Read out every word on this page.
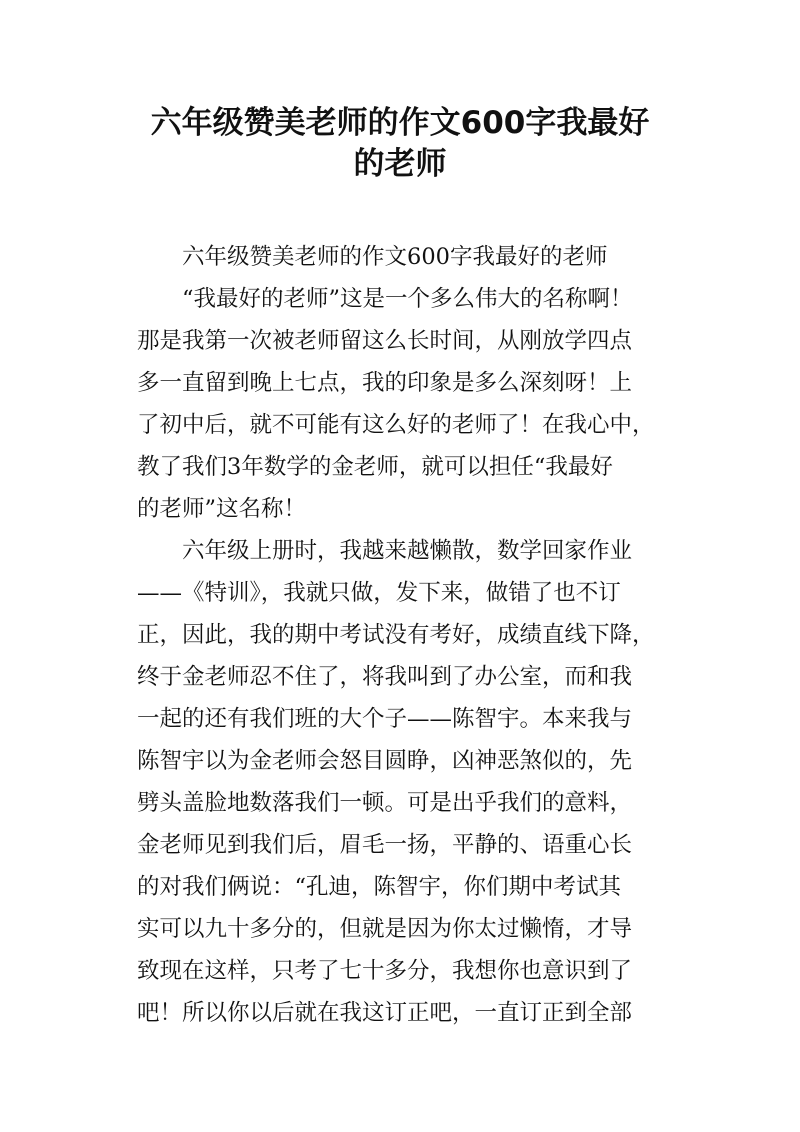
六年级赞美老师的作文600字我最好
的老师
六年级赞美老师的作文600字我最好的老师
“我最好的老师”这是一个多么伟大的名称啊！
那是我第一次被老师留这么长时间，从刚放学四点
多一直留到晚上七点，我的印象是多么深刻呀！上
了初中后，就不可能有这么好的老师了！在我心中，
教了我们3年数学的金老师，就可以担任“我最好
的老师”这名称！
六年级上册时，我越来越懒散，数学回家作业
——《特训》，我就只做，发下来，做错了也不订
正，因此，我的期中考试没有考好，成绩直线下降，
终于金老师忍不住了，将我叫到了办公室，而和我
一起的还有我们班的大个子——陈智宇。本来我与
陈智宇以为金老师会怒目圆睁，凶神恶煞似的，先
劈头盖脸地数落我们一顿。可是出乎我们的意料，
金老师见到我们后，眉毛一扬，平静的、语重心长
的对我们俩说：“孔迪，陈智宇，你们期中考试其
实可以九十多分的，但就是因为你太过懒惰，才导
致现在这样，只考了七十多分，我想你也意识到了
吧！所以你以后就在我这订正吧，一直订正到全部
